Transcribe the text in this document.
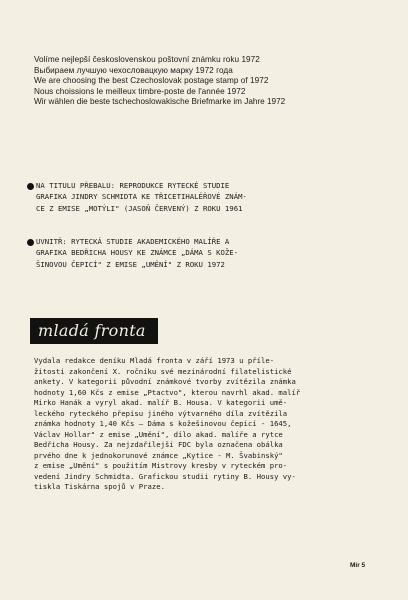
Volíme nejlepší československou poštovní známku roku 1972
Выбираем лучшую чехословацкую марку 1972 года
We are choosing the best Czechoslovak postage stamp of 1972
Nous choissions le meilleux timbre-poste de l'année 1972
Wir wählen die beste tschechoslowakische Briefmarke im Jahre 1972
NA TITULU PŘEBALU: REPRODUKCE RYTECKÉ STUDIE
GRAFIKA JINDRY SCHMIDTA KE TŘICETIHALÉŘOVÉ ZNÁM-
CE Z EMISE „MOTÝLI" (JASOŇ ČERVENÝ) Z ROKU 1961
UVNITŘ: RYTECKÁ STUDIE AKADEMICKÉHO MALÍŘE A
GRAFIKA BEDŘICHA HOUSY KE ZNÁMCE „DÁMA S KOŽE-
ŠINOVOU ČEPICÍ" Z EMISE „UMĚNÍ" Z ROKU 1972
mladá fronta
Vydala redakce deníku Mladá fronta v září 1973 u příle-
žitosti zakončení X. ročníku své mezinárodní filatelistické
ankety. V kategorii původní známkové tvorby zvítězila známka
hodnoty 1,60 Kčs z emise „Ptactvo", kterou navrhl akad. malíř
Mirko Hanák a vyryl akad. malíř B. Housa. V kategorii umě-
leckého ryteckého přepisu jiného výtvarného díla zvítězila
známka hodnoty 1,40 Kčs — Dáma s kožešinovou čepicí - 1645,
Václav Hollar" z emise „Umění", dílo akad. malíře a rytce
Bedřicha Housy. Za nejzdařilejší FDC byla označena obálka
prvého dne k jednokorunové známce „Kytice - M. Švabinský"
z emise „Umění" s použitím Mistrovy kresby v ryteckém pro-
vedení Jindry Schmidta. Grafickou studii rytiny B. Housy vy-
tiskla Tiskárna spojů v Praze.
Mir 5
